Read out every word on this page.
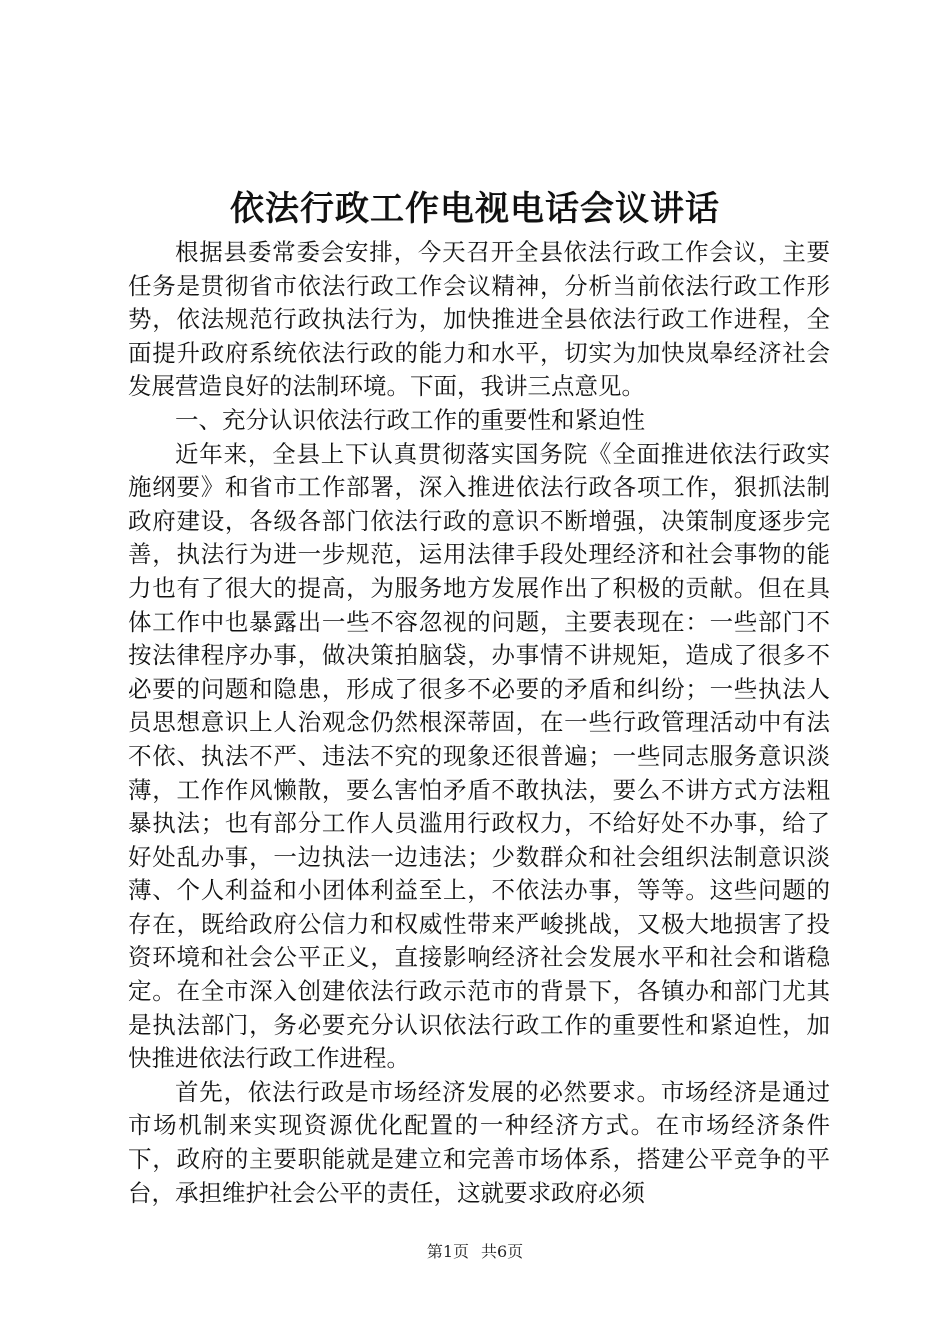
依法行政工作电视电话会议讲话

根据县委常委会安排，今天召开全县依法行政工作会议，主要任务是贯彻省市依法行政工作会议精神，分析当前依法行政工作形势，依法规范行政执法行为，加快推进全县依法行政工作进程，全面提升政府系统依法行政的能力和水平，切实为加快岚皋经济社会发展营造良好的法制环境。下面，我讲三点意见。

一、充分认识依法行政工作的重要性和紧迫性

近年来，全县上下认真贯彻落实国务院《全面推进依法行政实施纲要》和省市工作部署，深入推进依法行政各项工作，狠抓法制政府建设，各级各部门依法行政的意识不断增强，决策制度逐步完善，执法行为进一步规范，运用法律手段处理经济和社会事物的能力也有了很大的提高，为服务地方发展作出了积极的贡献。但在具体工作中也暴露出一些不容忽视的问题，主要表现在：一些部门不按法律程序办事，做决策拍脑袋，办事情不讲规矩，造成了很多不必要的问题和隐患，形成了很多不必要的矛盾和纠纷；一些执法人员思想意识上人治观念仍然根深蒂固，在一些行政管理活动中有法不依、执法不严、违法不究的现象还很普遍；一些同志服务意识淡薄，工作作风懒散，要么害怕矛盾不敢执法，要么不讲方式方法粗暴执法；也有部分工作人员滥用行政权力，不给好处不办事，给了好处乱办事，一边执法一边违法；少数群众和社会组织法制意识淡薄、个人利益和小团体利益至上，不依法办事，等等。这些问题的存在，既给政府公信力和权威性带来严峻挑战，又极大地损害了投资环境和社会公平正义，直接影响经济社会发展水平和社会和谐稳定。在全市深入创建依法行政示范市的背景下，各镇办和部门尤其是执法部门，务必要充分认识依法行政工作的重要性和紧迫性，加快推进依法行政工作进程。

首先，依法行政是市场经济发展的必然要求。市场经济是通过市场机制来实现资源优化配置的一种经济方式。在市场经济条件下，政府的主要职能就是建立和完善市场体系，搭建公平竞争的平台，承担维护社会公平的责任，这就要求政府必须

第1页 共6页
